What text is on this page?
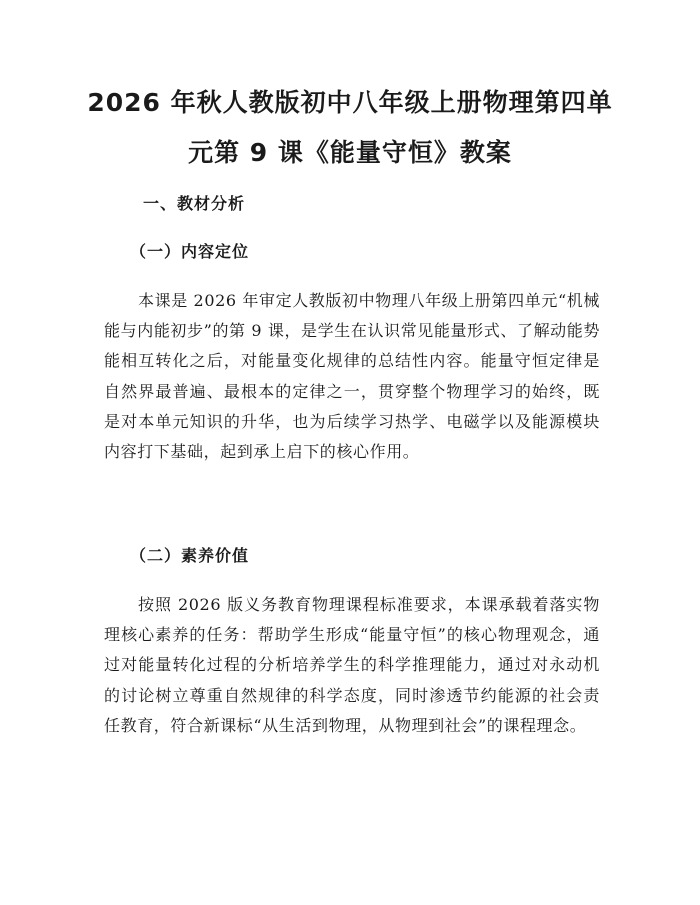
2026 年秋人教版初中八年级上册物理第四单
元第 9 课《能量守恒》教案
一、教材分析
（一）内容定位

本课是 2026 年审定人教版初中物理八年级上册第四单元“机械能与内能初步”的第 9 课，是学生在认识常见能量形式、了解动能势能相互转化之后，对能量变化规律的总结性内容。能量守恒定律是自然界最普遍、最根本的定律之一，贯穿整个物理学习的始终，既是对本单元知识的升华，也为后续学习热学、电磁学以及能源模块内容打下基础，起到承上启下的核心作用。

（二）素养价值

按照 2026 版义务教育物理课程标准要求，本课承载着落实物理核心素养的任务：帮助学生形成“能量守恒”的核心物理观念，通过对能量转化过程的分析培养学生的科学推理能力，通过对永动机的讨论树立尊重自然规律的科学态度，同时渗透节约能源的社会责任教育，符合新课标“从生活到物理，从物理到社会”的课程理念。
